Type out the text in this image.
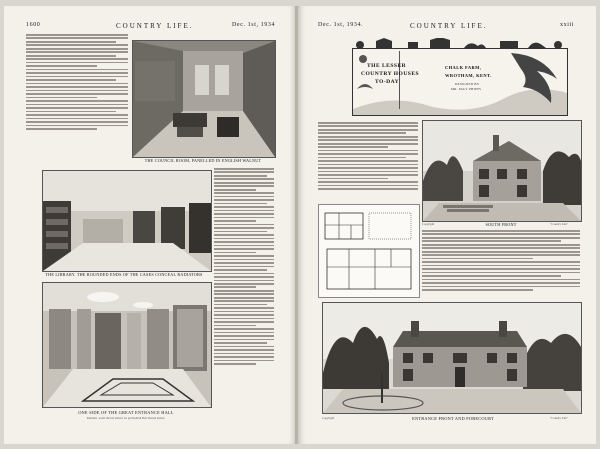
1600	COUNTRY LIFE.	Dec. 1st, 1934
THE COUNCIL ROOM, PANELLED IN ENGLISH WALNUT
THE LIBRARY. THE ROUNDED ENDS OF THE CASES CONCEAL RADIATORS
ONE SIDE OF THE GREAT ENTRANCE HALL
Italian wall decoration in polished Portland stone
Dec. 1st, 1934.	COUNTRY LIFE.	xxiii
THE LESSER
COUNTRY HOUSES
TO-DAY
CHALK FARM,
WROTHAM, KENT.
DESIGNED BY
MR. PAUL PHIPPS
Copyright	SOUTH FRONT	"Country Life"
Copyright	ENTRANCE FRONT AND FORECOURT	"Country Life"
